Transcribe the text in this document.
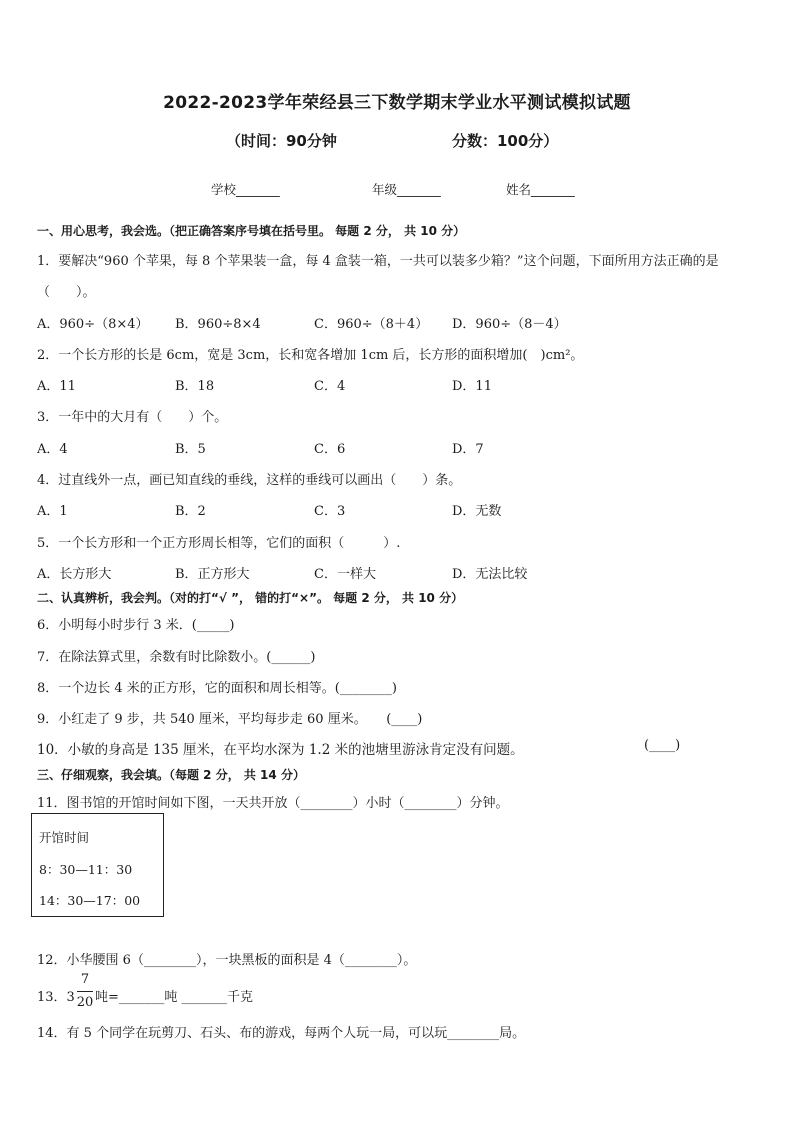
2022-2023学年荣经县三下数学期末学业水平测试模拟试题
（时间：90分钟	分数：100分）
学校_______	年级_______	姓名_______
一、用心思考，我会选。（把正确答案序号填在括号里。 每题 2 分， 共 10 分）
1．要解决“960 个苹果，每 8 个苹果装一盒，每 4 盒装一箱，一共可以装多少箱？”这个问题，下面所用方法正确的是
（　　）。
A．960÷（8×4） B．960÷8×4	C．960÷（8＋4） D．960÷（8－4）
2．一个长方形的长是 6cm，宽是 3cm，长和宽各增加 1cm 后，长方形的面积增加(　)cm²。
A．11	B．18	C．4	D．11
3．一年中的大月有（　　）个。
A．4	B．5	C．6	D．7
4．过直线外一点，画已知直线的垂线，这样的垂线可以画出（　　）条。
A．1	B．2	C．3	D．无数
5．一个长方形和一个正方形周长相等，它们的面积（　　　）.
A．长方形大	B．正方形大	C．一样大	D．无法比较
二、认真辨析，我会判。（对的打“√ ”， 错的打“×”。 每题 2 分， 共 10 分）
6．小明每小时步行 3 米．(_____)
7．在除法算式里，余数有时比除数小。(______)
8．一个边长 4 米的正方形，它的面积和周长相等。(________)
9．小红走了 9 步，共 540 厘米，平均每步走 60 厘米。　　(____)
10．小敏的身高是 135 厘米，在平均水深为 1.2 米的池塘里游泳肯定没有问题。	(____)
三、仔细观察，我会填。（每题 2 分， 共 14 分）
11．图书馆的开馆时间如下图，一天共开放（________）小时（________）分钟。
开馆时间
8：30—11：30
14：30—17：00
12．小华腰围 6（________），一块黑板的面积是 4（________）。
13．3
7
20 吨=_______吨 _______千克
14．有 5 个同学在玩剪刀、石头、布的游戏，每两个人玩一局，可以玩________局。
